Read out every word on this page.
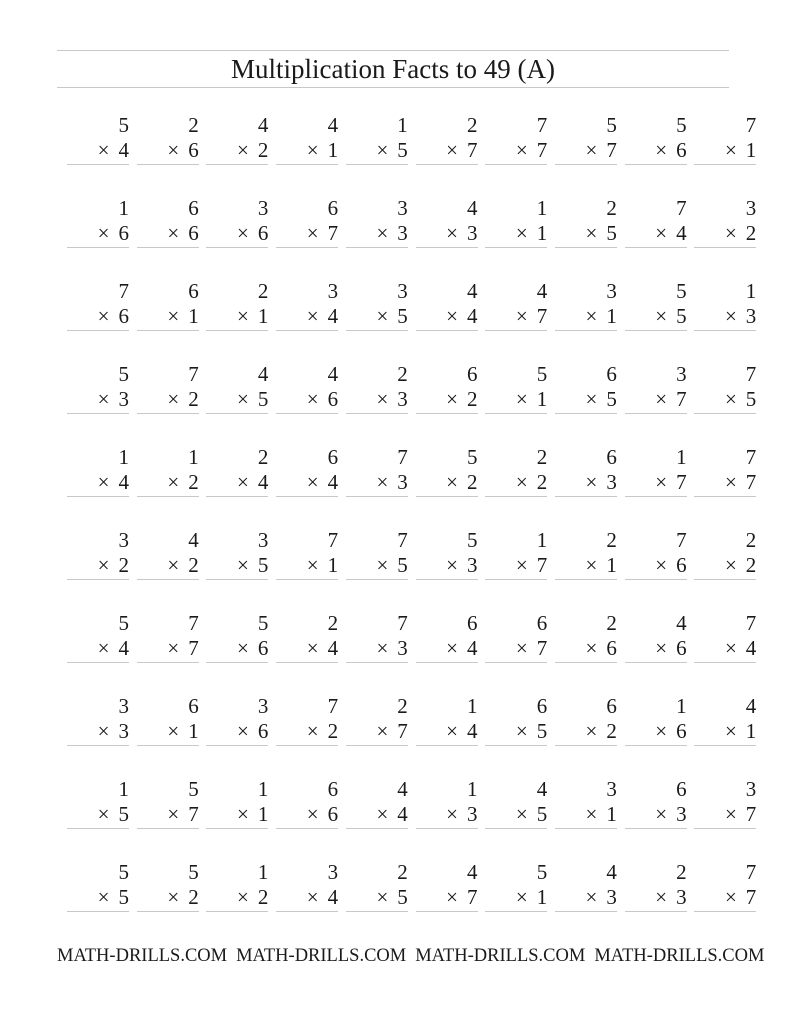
Multiplication Facts to 49 (A)
5
× 4
2
× 6
4
× 2
4
× 1
1
× 5
2
× 7
7
× 7
5
× 7
5
× 6
7
× 1
1
× 6
6
× 6
3
× 6
6
× 7
3
× 3
4
× 3
1
× 1
2
× 5
7
× 4
3
× 2
7
× 6
6
× 1
2
× 1
3
× 4
3
× 5
4
× 4
4
× 7
3
× 1
5
× 5
1
× 3
5
× 3
7
× 2
4
× 5
4
× 6
2
× 3
6
× 2
5
× 1
6
× 5
3
× 7
7
× 5
1
× 4
1
× 2
2
× 4
6
× 4
7
× 3
5
× 2
2
× 2
6
× 3
1
× 7
7
× 7
3
× 2
4
× 2
3
× 5
7
× 1
7
× 5
5
× 3
1
× 7
2
× 1
7
× 6
2
× 2
5
× 4
7
× 7
5
× 6
2
× 4
7
× 3
6
× 4
6
× 7
2
× 6
4
× 6
7
× 4
3
× 3
6
× 1
3
× 6
7
× 2
2
× 7
1
× 4
6
× 5
6
× 2
1
× 6
4
× 1
1
× 5
5
× 7
1
× 1
6
× 6
4
× 4
1
× 3
4
× 5
3
× 1
6
× 3
3
× 7
5
× 5
5
× 2
1
× 2
3
× 4
2
× 5
4
× 7
5
× 1
4
× 3
2
× 3
7
× 7
MATH-DRILLS.COM MATH-DRILLS.COM MATH-DRILLS.COM MATH-DRILLS.COM
